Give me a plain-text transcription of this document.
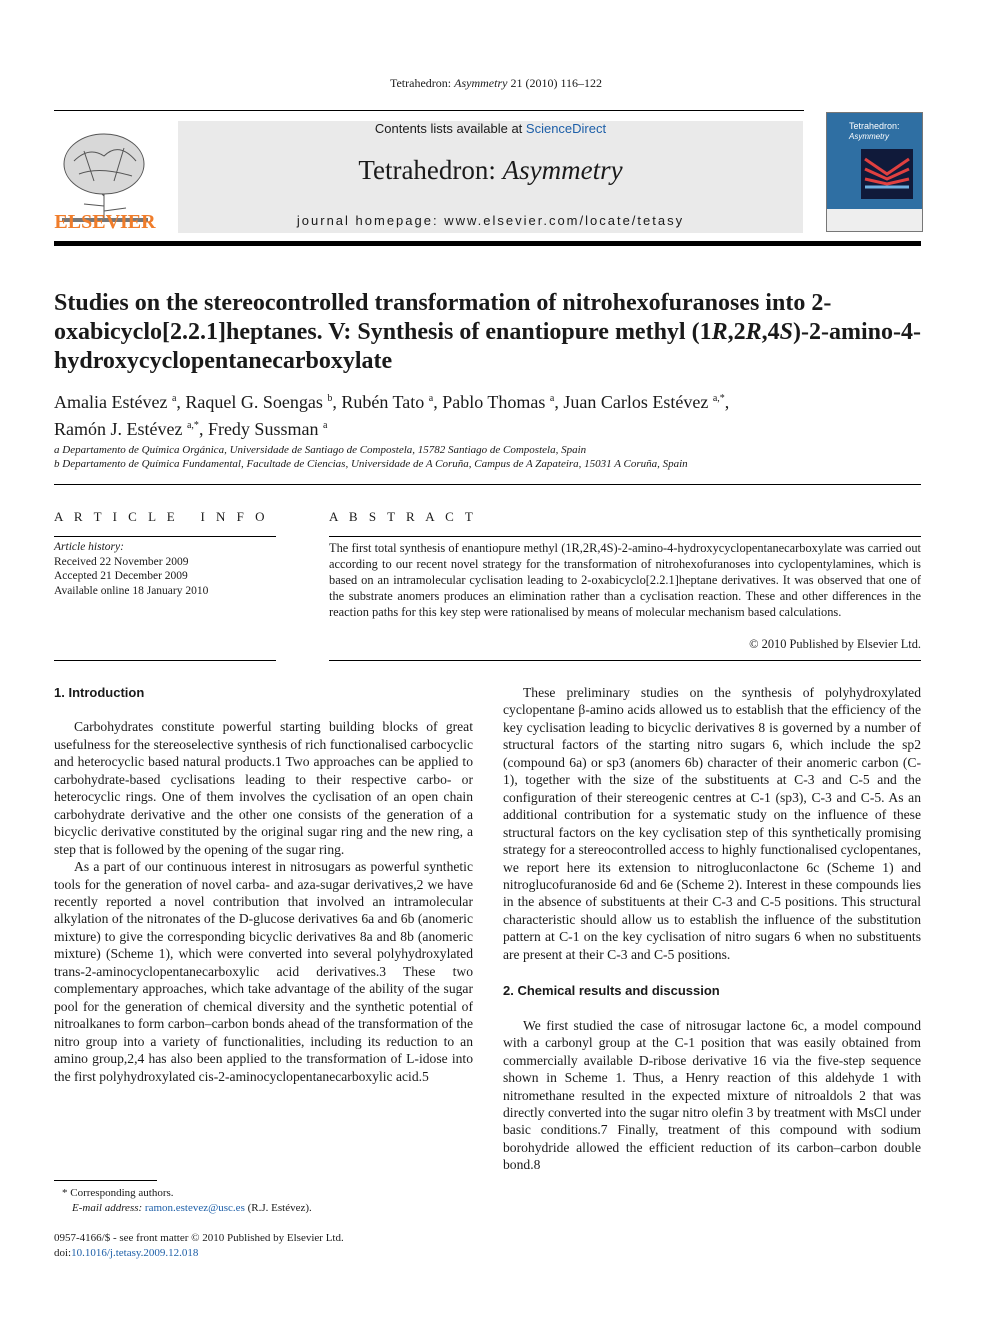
Tetrahedron: Asymmetry 21 (2010) 116–122
ELSEVIER
Contents lists available at ScienceDirect
Tetrahedron: Asymmetry
journal homepage: www.elsevier.com/locate/tetasy
Tetrahedron:
Asymmetry
Studies on the stereocontrolled transformation of nitrohexofuranoses into 2-oxabicyclo[2.2.1]heptanes. V: Synthesis of enantiopure methyl (1R,2R,4S)-2-amino-4-hydroxycyclopentanecarboxylate
Amalia Estévez $^a$, Raquel G. Soengas $^b$, Rubén Tato $^a$, Pablo Thomas $^a$, Juan Carlos Estévez $^{a,*}$,
Ramón J. Estévez $^{a,*}$, Fredy Sussman $^a$
a Departamento de Química Orgánica, Universidade de Santiago de Compostela, 15782 Santiago de Compostela, Spain
b Departamento de Química Fundamental, Facultade de Ciencias, Universidade de A Coruña, Campus de A Zapateira, 15031 A Coruña, Spain
A R T I C L E   I N F O
Article history:
Received 22 November 2009
Accepted 21 December 2009
Available online 18 January 2010
A B S T R A C T
The first total synthesis of enantiopure methyl (1R,2R,4S)-2-amino-4-hydroxycyclopentanecarboxylate was carried out according to our recent novel strategy for the transformation of nitrohexofuranoses into cyclopentylamines, which is based on an intramolecular cyclisation leading to 2-oxabicyclo[2.2.1]heptane derivatives. It was observed that one of the substrate anomers produces an elimination rather than a cyclisation reaction. These and other differences in the reaction paths for this key step were rationalised by means of molecular mechanism based calculations.
© 2010 Published by Elsevier Ltd.
1. Introduction

Carbohydrates constitute powerful starting building blocks of great usefulness for the stereoselective synthesis of rich functionalised carbocyclic and heterocyclic based natural products.1 Two approaches can be applied to carbohydrate-based cyclisations leading to their respective carbo- or heterocyclic rings. One of them involves the cyclisation of an open chain carbohydrate derivative and the other one consists of the generation of a bicyclic derivative constituted by the original sugar ring and the new ring, a step that is followed by the opening of the sugar ring.

As a part of our continuous interest in nitrosugars as powerful synthetic tools for the generation of novel carba- and aza-sugar derivatives,2 we have recently reported a novel contribution that involved an intramolecular alkylation of the nitronates of the D-glucose derivatives 6a and 6b (anomeric mixture) to give the corresponding bicyclic derivatives 8a and 8b (anomeric mixture) (Scheme 1), which were converted into several polyhydroxylated trans-2-aminocyclopentanecarboxylic acid derivatives.3 These two complementary approaches, which take advantage of the ability of the sugar pool for the generation of chemical diversity and the synthetic potential of nitroalkanes to form carbon–carbon bonds ahead of the transformation of the nitro group into a variety of functionalities, including its reduction to an amino group,2,4 has also been applied to the transformation of L-idose into the first polyhydroxylated cis-2-aminocyclopentanecarboxylic acid.5

These preliminary studies on the synthesis of polyhydroxylated cyclopentane β-amino acids allowed us to establish that the efficiency of the key cyclisation leading to bicyclic derivatives 8 is governed by a number of structural factors of the starting nitro sugars 6, which include the sp2 (compound 6a) or sp3 (anomers 6b) character of their anomeric carbon (C-1), together with the size of the substituents at C-3 and C-5 and the configuration of their stereogenic centres at C-1 (sp3), C-3 and C-5. As an additional contribution for a systematic study on the influence of these structural factors on the key cyclisation step of this synthetically promising strategy for a stereocontrolled access to highly functionalised cyclopentanes, we report here its extension to nitrogluconlactone 6c (Scheme 1) and nitroglucofuranoside 6d and 6e (Scheme 2). Interest in these compounds lies in the absence of substituents at their C-3 and C-5 positions. This structural characteristic should allow us to establish the influence of the substitution pattern at C-1 on the key cyclisation of nitro sugars 6 when no substituents are present at their C-3 and C-5 positions.

2. Chemical results and discussion

We first studied the case of nitrosugar lactone 6c, a model compound with a carbonyl group at the C-1 position that was easily obtained from commercially available D-ribose derivative 16 via the five-step sequence shown in Scheme 1. Thus, a Henry reaction of this aldehyde 1 with nitromethane resulted in the expected mixture of nitroaldols 2 that was directly converted into the sugar nitro olefin 3 by treatment with MsCl under basic conditions.7 Finally, treatment of this compound with sodium borohydride allowed the efficient reduction of its carbon–carbon double bond.8

* Corresponding authors.
E-mail address: ramon.estevez@usc.es (R.J. Estévez).
0957-4166/$ - see front matter © 2010 Published by Elsevier Ltd.
doi:10.1016/j.tetasy.2009.12.018
